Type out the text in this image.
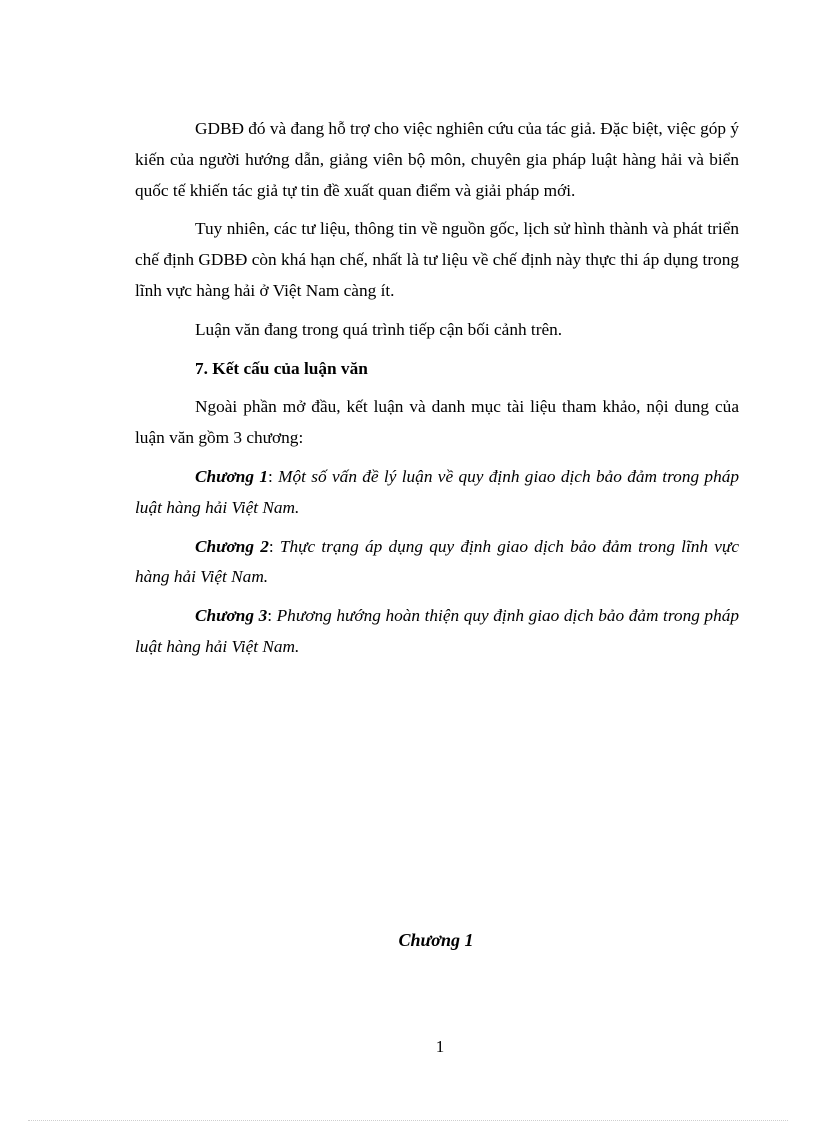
GDBĐ đó và đang hỗ trợ cho việc nghiên cứu của tác giả. Đặc biệt, việc góp ý kiến của người hướng dẫn, giảng viên bộ môn, chuyên gia pháp luật hàng hải và biển quốc tế khiến tác giả tự tin đề xuất quan điểm và giải pháp mới.

Tuy nhiên, các tư liệu, thông tin về nguồn gốc, lịch sử hình thành và phát triển chế định GDBĐ còn khá hạn chế, nhất là tư liệu về chế định này thực thi áp dụng trong lĩnh vực hàng hải ở Việt Nam càng ít.

Luận văn đang trong quá trình tiếp cận bối cảnh trên.

7. Kết cấu của luận văn

Ngoài phần mở đầu, kết luận và danh mục tài liệu tham khảo, nội dung của luận văn gồm 3 chương:

Chương 1: Một số vấn đề lý luận về quy định giao dịch bảo đảm trong pháp luật hàng hải Việt Nam.

Chương 2: Thực trạng áp dụng quy định giao dịch bảo đảm trong lĩnh vực hàng hải Việt Nam.

Chương 3: Phương hướng hoàn thiện quy định giao dịch bảo đảm trong pháp luật hàng hải Việt Nam.

Chương 1
1
